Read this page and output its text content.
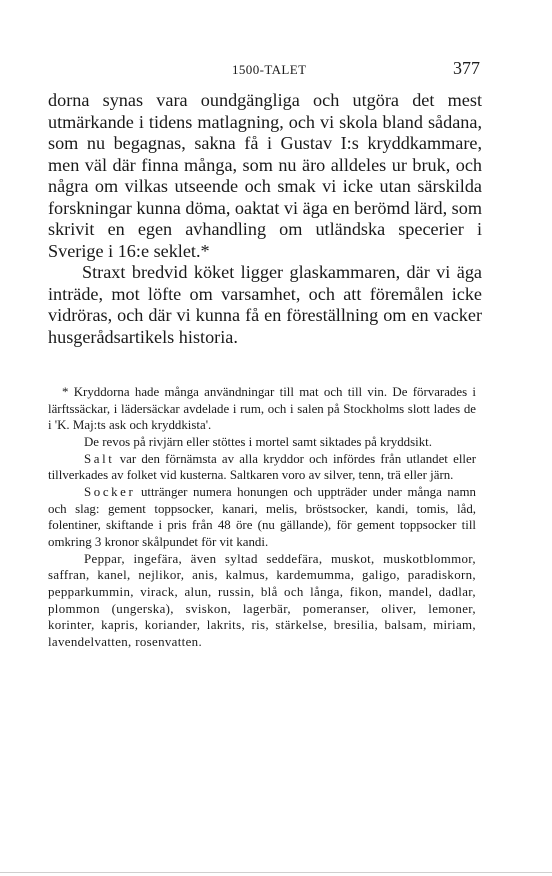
1500-TALET	377

dorna synas vara oundgängliga och utgöra det mest utmärkande i tidens matlagning, och vi skola bland sådana, som nu begagnas, sakna få i Gustav I:s kryddkammare, men väl där finna många, som nu äro alldeles ur bruk, och några om vilkas utseende och smak vi icke utan särskilda forskningar kunna döma, oaktat vi äga en berömd lärd, som skrivit en egen avhandling om utländska specerier i Sverige i 16:e seklet.*

Straxt bredvid köket ligger glaskammaren, där vi äga inträde, mot löfte om varsamhet, och att föremålen icke vidröras, och där vi kunna få en föreställning om en vacker husgerådsartikels historia.

* Kryddorna hade många användningar till mat och till vin. De förvarades i lärftssäckar, i lädersäckar avdelade i rum, och i salen på Stockholms slott lades de i 'K. Maj:ts ask och kryddkista'.

De revos på rivjärn eller stöttes i mortel samt siktades på kryddsikt.

Salt var den förnämsta av alla kryddor och infördes från utlandet eller tillverkades av folket vid kusterna. Saltkaren voro av silver, tenn, trä eller järn.

Socker uttränger numera honungen och uppträder under många namn och slag: gement toppsocker, kanari, melis, bröstsocker, kandi, tomis, låd, folentiner, skiftande i pris från 48 öre (nu gällande), för gement toppsocker till omkring 3 kronor skålpundet för vit kandi.

Peppar, ingefära, även syltad seddefära, muskot, muskotblommor, saffran, kanel, nejlikor, anis, kalmus, kardemumma, galigo, paradiskorn, pepparkummin, virack, alun, russin, blå och långa, fikon, mandel, dadlar, plommon (ungerska), sviskon, lagerbär, pomeranser, oliver, lemoner, korinter, kapris, koriander, lakrits, ris, stärkelse, bresilia, balsam, miriam, lavendelvatten, rosenvatten.
